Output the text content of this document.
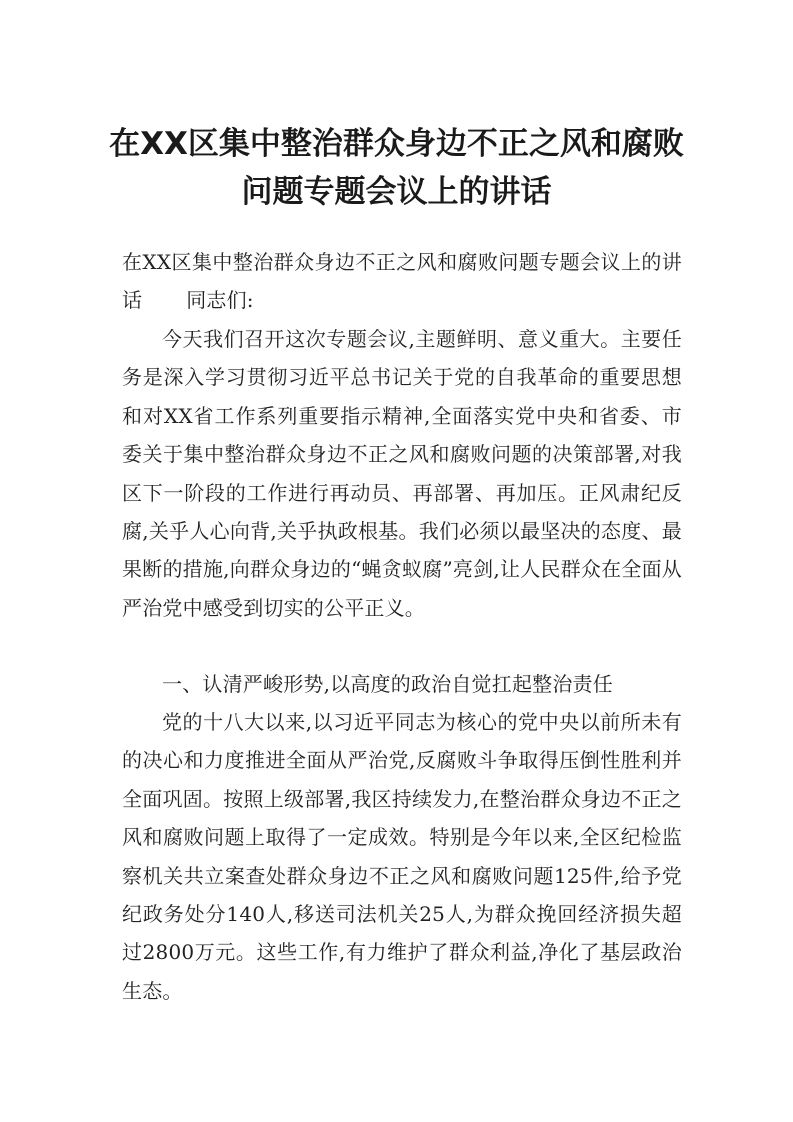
在XX区集中整治群众身边不正之风和腐败
问题专题会议上的讲话

在XX区集中整治群众身边不正之风和腐败问题专题会议上的讲话 同志们:

今天我们召开这次专题会议,主题鲜明、意义重大。主要任务是深入学习贯彻习近平总书记关于党的自我革命的重要思想和对XX省工作系列重要指示精神,全面落实党中央和省委、市委关于集中整治群众身边不正之风和腐败问题的决策部署,对我区下一阶段的工作进行再动员、再部署、再加压。正风肃纪反腐,关乎人心向背,关乎执政根基。我们必须以最坚决的态度、最果断的措施,向群众身边的“蝇贪蚁腐”亮剑,让人民群众在全面从严治党中感受到切实的公平正义。

一、认清严峻形势,以高度的政治自觉扛起整治责任

党的十八大以来,以习近平同志为核心的党中央以前所未有的决心和力度推进全面从严治党,反腐败斗争取得压倒性胜利并全面巩固。按照上级部署,我区持续发力,在整治群众身边不正之风和腐败问题上取得了一定成效。特别是今年以来,全区纪检监察机关共立案查处群众身边不正之风和腐败问题125件,给予党纪政务处分140人,移送司法机关25人,为群众挽回经济损失超过2800万元。这些工作,有力维护了群众利益,净化了基层政治生态。
